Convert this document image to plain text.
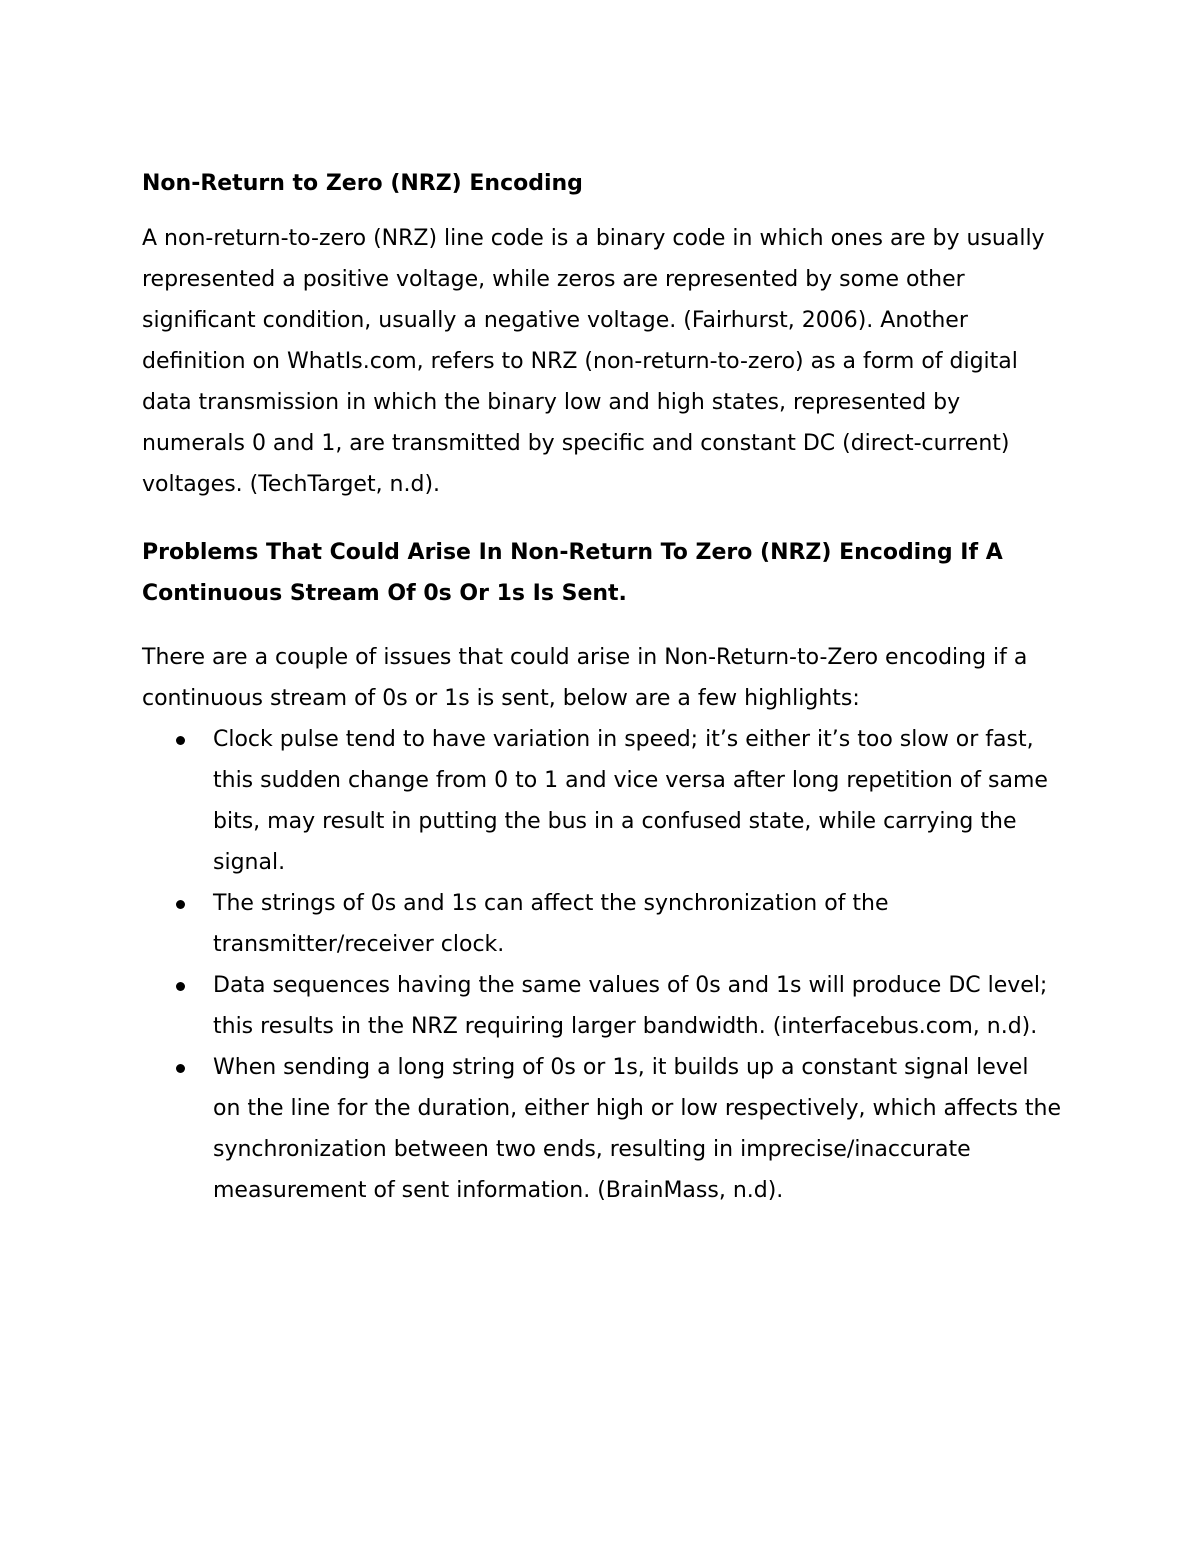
Non-Return to Zero (NRZ) Encoding

A non-return-to-zero (NRZ) line code is a binary code in which ones are by usually represented a positive voltage, while zeros are represented by some other significant condition, usually a negative voltage. (Fairhurst, 2006). Another definition on WhatIs.com, refers to NRZ (non-return-to-zero) as a form of digital data transmission in which the binary low and high states, represented by numerals 0 and 1, are transmitted by specific and constant DC (direct-current) voltages. (TechTarget, n.d).

Problems That Could Arise In Non-Return To Zero (NRZ) Encoding If A Continuous Stream Of 0s Or 1s Is Sent.

There are a couple of issues that could arise in Non-Return-to-Zero encoding if a continuous stream of 0s or 1s is sent, below are a few highlights:

Clock pulse tend to have variation in speed; it’s either it’s too slow or fast, this sudden change from 0 to 1 and vice versa after long repetition of same bits, may result in putting the bus in a confused state, while carrying the signal.
The strings of 0s and 1s can affect the synchronization of the transmitter/receiver clock.
Data sequences having the same values of 0s and 1s will produce DC level; this results in the NRZ requiring larger bandwidth. (interfacebus.com, n.d).
When sending a long string of 0s or 1s, it builds up a constant signal level on the line for the duration, either high or low respectively, which affects the synchronization between two ends, resulting in imprecise/inaccurate measurement of sent information. (BrainMass, n.d).
